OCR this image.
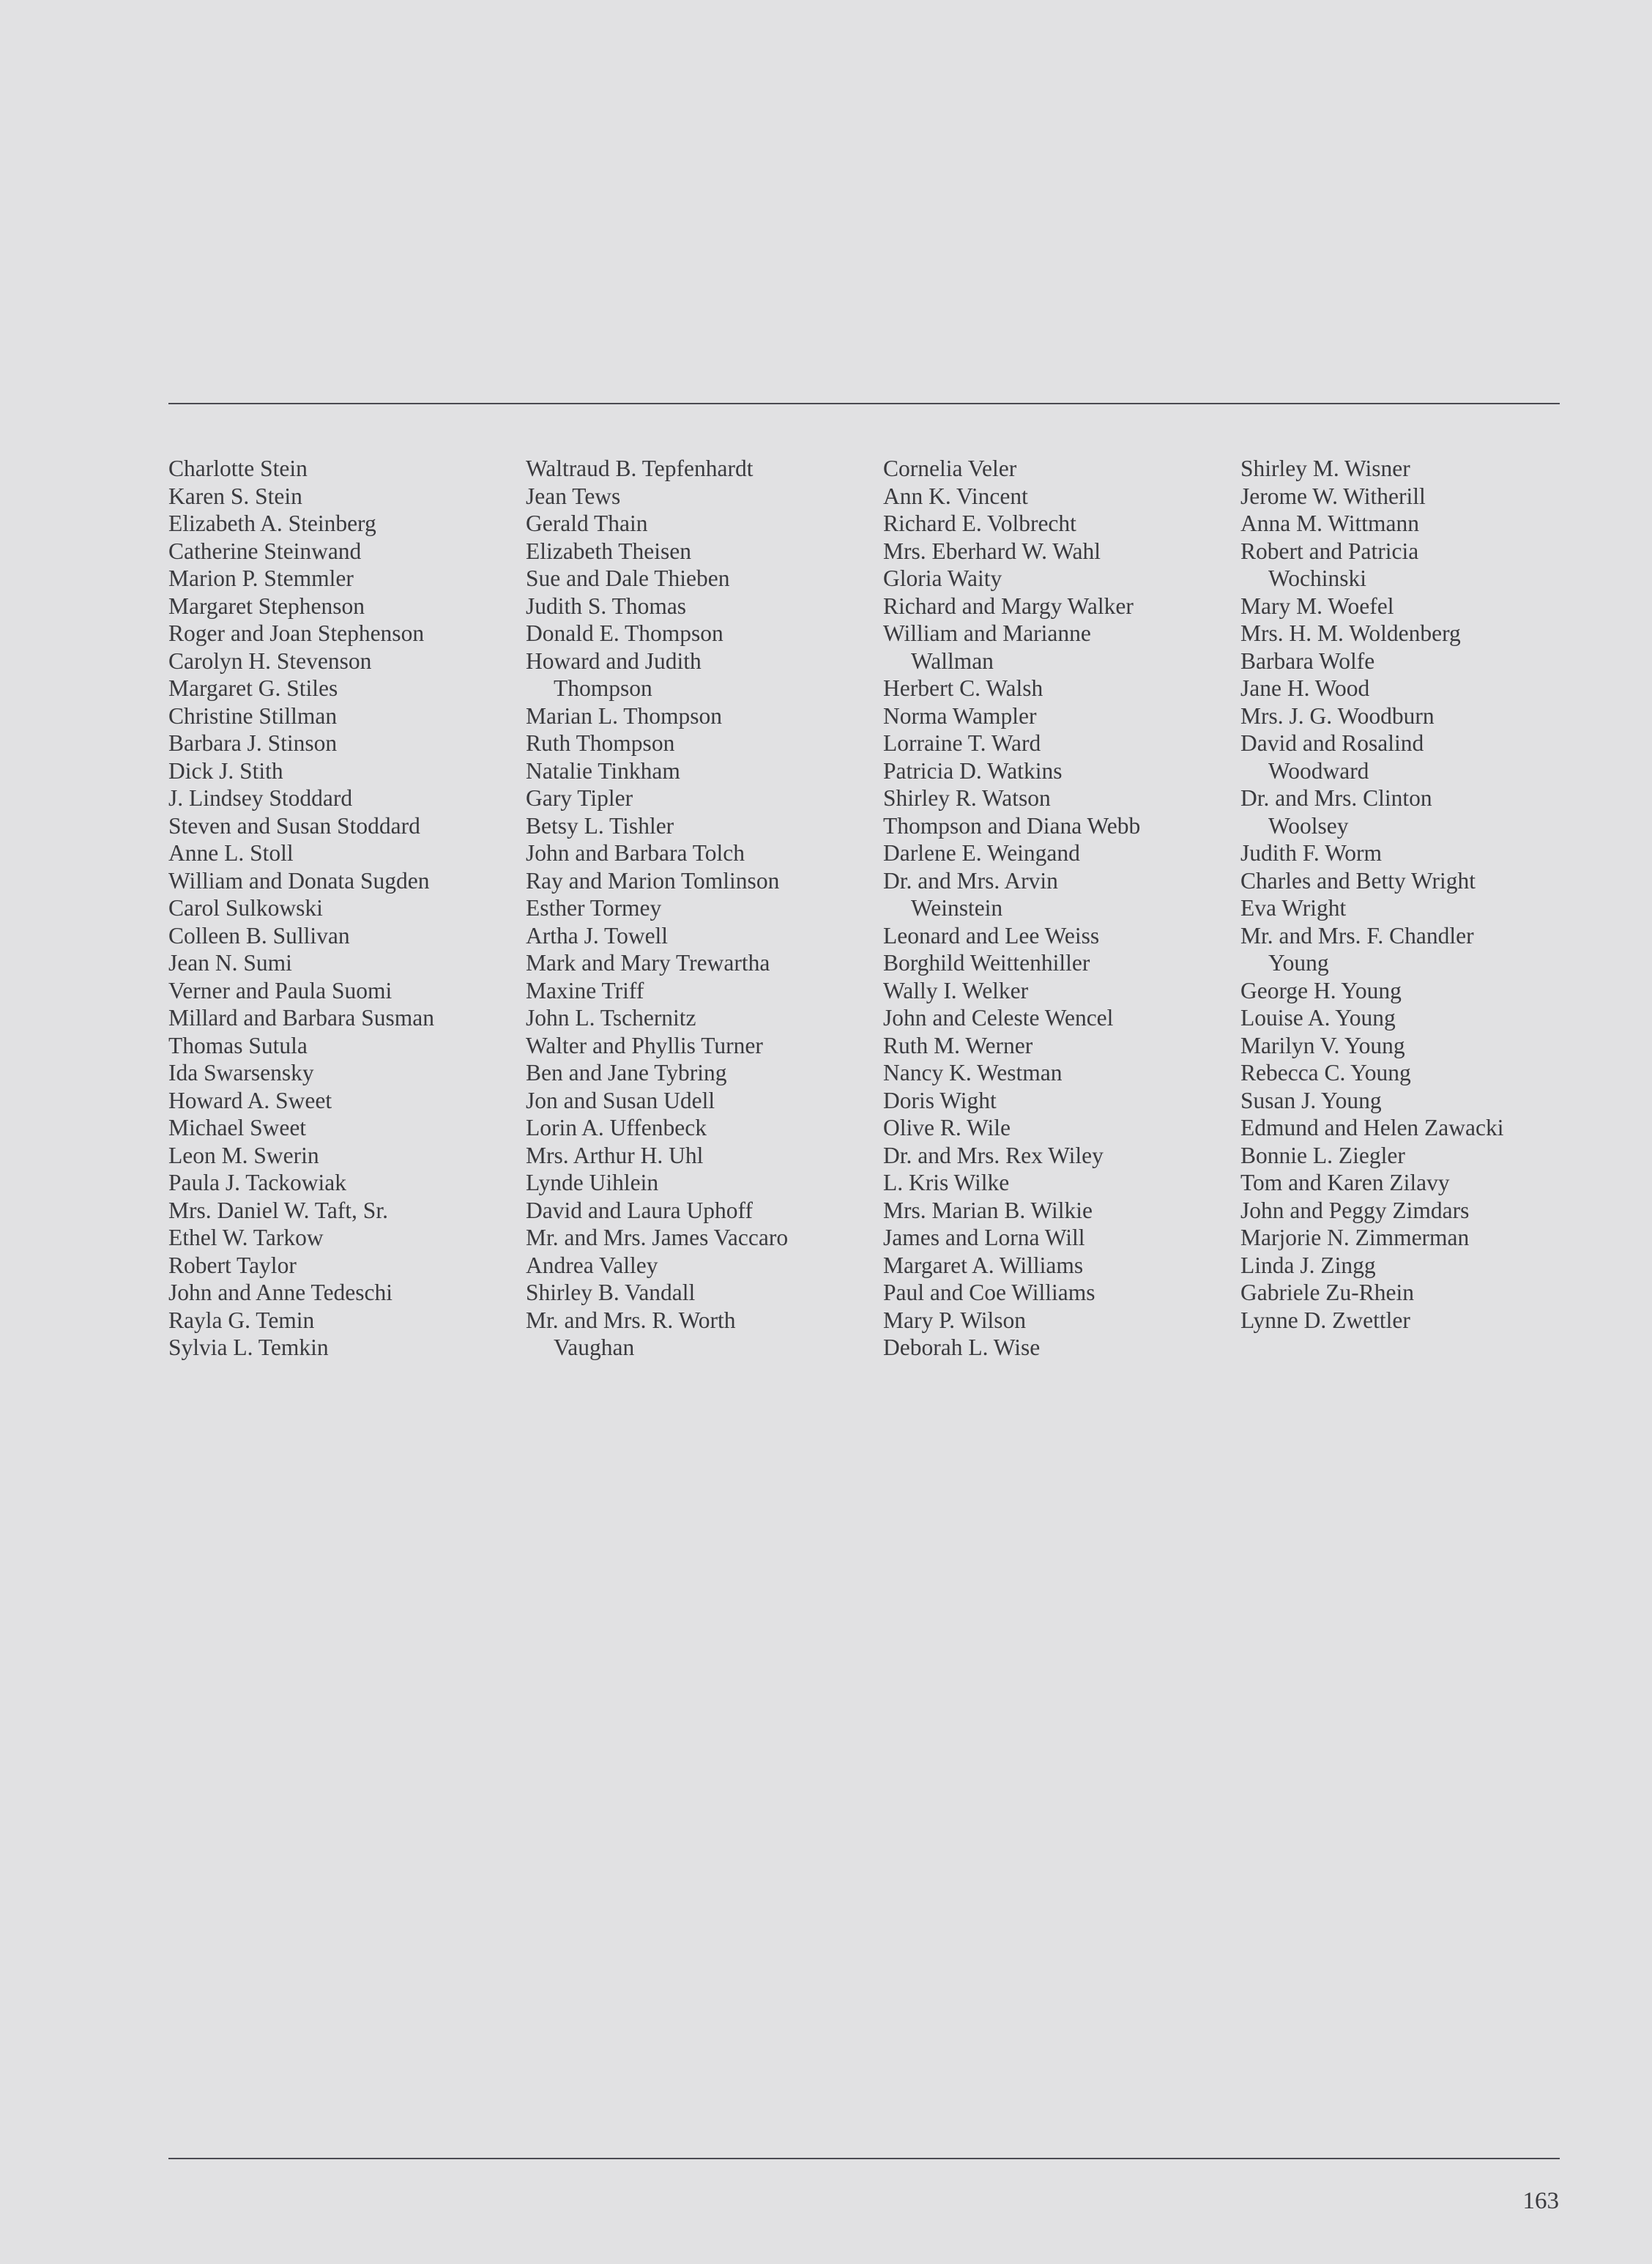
Charlotte Stein
Karen S. Stein
Elizabeth A. Steinberg
Catherine Steinwand
Marion P. Stemmler
Margaret Stephenson
Roger and Joan Stephenson
Carolyn H. Stevenson
Margaret G. Stiles
Christine Stillman
Barbara J. Stinson
Dick J. Stith
J. Lindsey Stoddard
Steven and Susan Stoddard
Anne L. Stoll
William and Donata Sugden
Carol Sulkowski
Colleen B. Sullivan
Jean N. Sumi
Verner and Paula Suomi
Millard and Barbara Susman
Thomas Sutula
Ida Swarsensky
Howard A. Sweet
Michael Sweet
Leon M. Swerin
Paula J. Tackowiak
Mrs. Daniel W. Taft, Sr.
Ethel W. Tarkow
Robert Taylor
John and Anne Tedeschi
Rayla G. Temin
Sylvia L. Temkin
Waltraud B. Tepfenhardt
Jean Tews
Gerald Thain
Elizabeth Theisen
Sue and Dale Thieben
Judith S. Thomas
Donald E. Thompson
Howard and Judith
Thompson
Marian L. Thompson
Ruth Thompson
Natalie Tinkham
Gary Tipler
Betsy L. Tishler
John and Barbara Tolch
Ray and Marion Tomlinson
Esther Tormey
Artha J. Towell
Mark and Mary Trewartha
Maxine Triff
John L. Tschernitz
Walter and Phyllis Turner
Ben and Jane Tybring
Jon and Susan Udell
Lorin A. Uffenbeck
Mrs. Arthur H. Uhl
Lynde Uihlein
David and Laura Uphoff
Mr. and Mrs. James Vaccaro
Andrea Valley
Shirley B. Vandall
Mr. and Mrs. R. Worth
Vaughan
Cornelia Veler
Ann K. Vincent
Richard E. Volbrecht
Mrs. Eberhard W. Wahl
Gloria Waity
Richard and Margy Walker
William and Marianne
Wallman
Herbert C. Walsh
Norma Wampler
Lorraine T. Ward
Patricia D. Watkins
Shirley R. Watson
Thompson and Diana Webb
Darlene E. Weingand
Dr. and Mrs. Arvin
Weinstein
Leonard and Lee Weiss
Borghild Weittenhiller
Wally I. Welker
John and Celeste Wencel
Ruth M. Werner
Nancy K. Westman
Doris Wight
Olive R. Wile
Dr. and Mrs. Rex Wiley
L. Kris Wilke
Mrs. Marian B. Wilkie
James and Lorna Will
Margaret A. Williams
Paul and Coe Williams
Mary P. Wilson
Deborah L. Wise
Shirley M. Wisner
Jerome W. Witherill
Anna M. Wittmann
Robert and Patricia
Wochinski
Mary M. Woefel
Mrs. H. M. Woldenberg
Barbara Wolfe
Jane H. Wood
Mrs. J. G. Woodburn
David and Rosalind
Woodward
Dr. and Mrs. Clinton
Woolsey
Judith F. Worm
Charles and Betty Wright
Eva Wright
Mr. and Mrs. F. Chandler
Young
George H. Young
Louise A. Young
Marilyn V. Young
Rebecca C. Young
Susan J. Young
Edmund and Helen Zawacki
Bonnie L. Ziegler
Tom and Karen Zilavy
John and Peggy Zimdars
Marjorie N. Zimmerman
Linda J. Zingg
Gabriele Zu-Rhein
Lynne D. Zwettler
163
